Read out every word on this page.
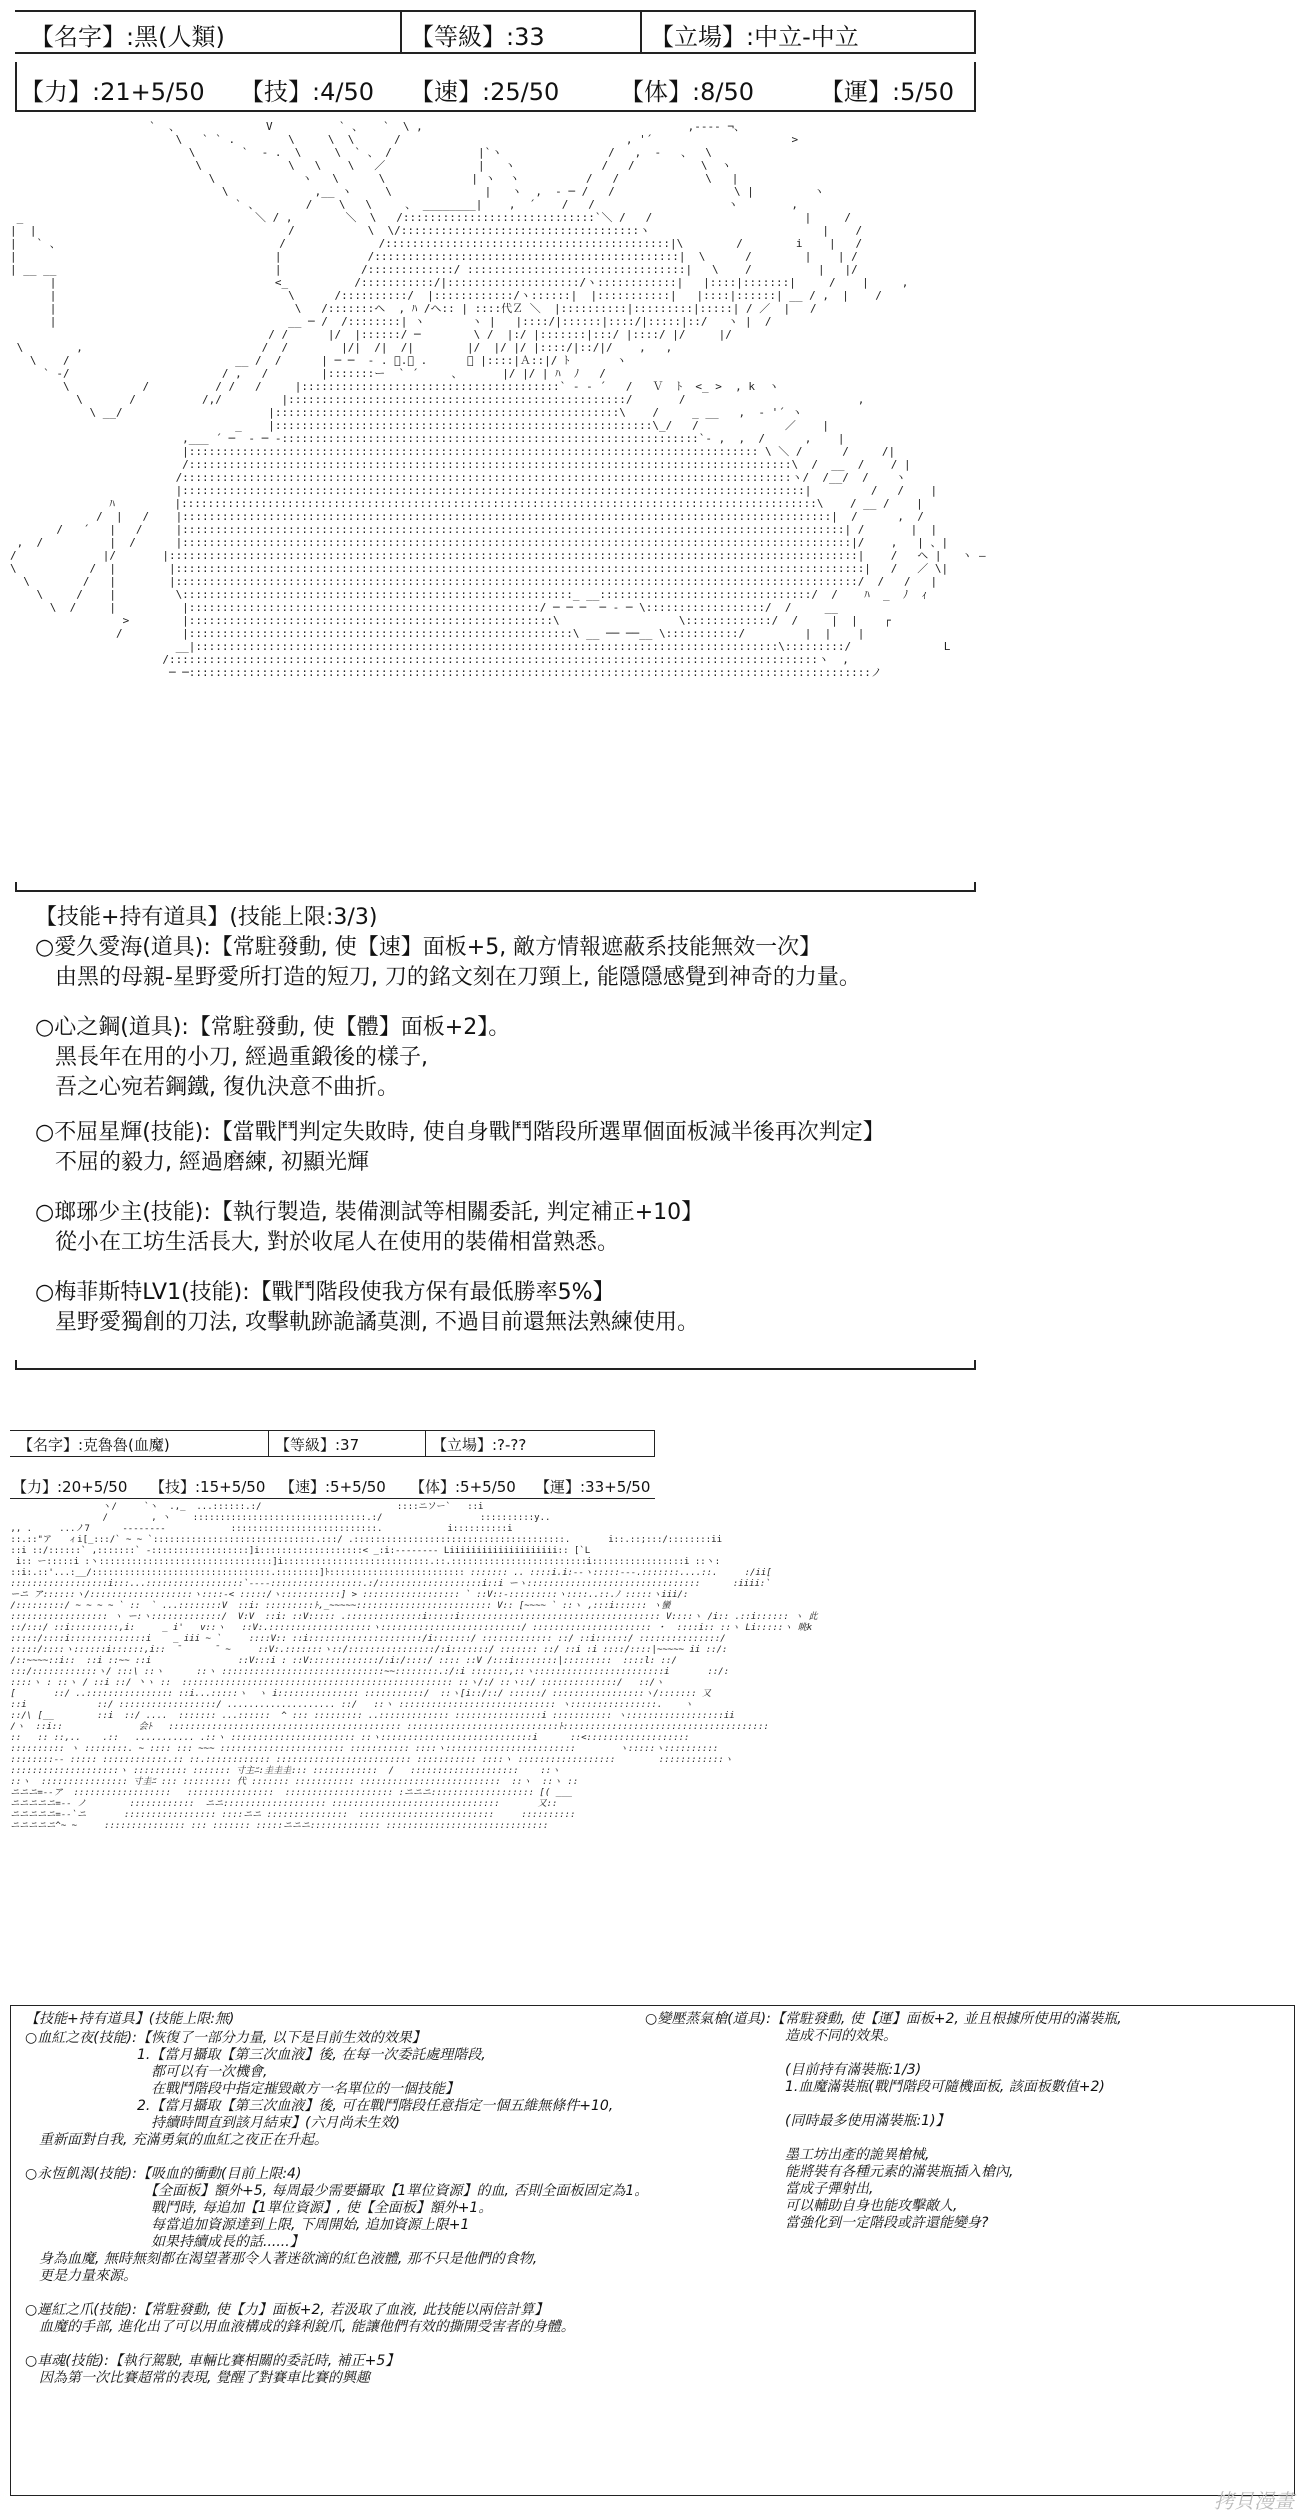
【名字】:黑(人類)	【等級】:33	【立場】:中立-中立
【力】:21+5/50 【技】:4/50 【速】:25/50	【体】:8/50	【運】:5/50
`  、             V          ` 、   `  \ ,                                        ,--‐‐ ¬、
\   ` ` .        \     \  \      /                                  , '´                     >
\       `  - .  \     \  ` 、 /             |`ヽ                /   ,  ‐   、  \
\             \   \    \   ／              |   ヽ             /   /          \  ヽ
\             ヽ   \      \             | ヽ  ヽ          /   /             \   |
\             ,__ ヽ     \              |   ヽ  ,  ‐ ─ /   /                  \ |         ヽ
` 、       /    \   \     、 ________|    ,  ´    /   /                    ヽ        ,
_                                   ＼ / ,        ＼  \   /:::::::::::::::::::::::::::::`＼ /   /                       |     /
|  |                                      /           \  \/::::::::::::::::::::::::::::::::::::ヽ                          |    /
|   ` 、                                 /              /:::::::::::::::::::::::::::::::::::::::::::|\        /        i    |   /
|                                       |             /::::::::::::::::::::::::::::::::::::::::::::::|  \      /        |    | /
| __ __                                 |            /:::::::::::::/ :::::::::::::::::::::::::::::::::|   \    /          |   |/
|                                 <_          /:::::::::::/|::::::::::::::::::::/ヽ::::::::::::|   |::::|:::::::|     /    |     ,
|                                   \      /::::::::::/  |::::::::::::/ヽ::::::|  |:::::::::::|   |::::|::::::| __ / ,  |    /
|                                    \   /:::::::ヘ  , ﾊ /ヘ:: | ::::代Ｚ ＼  |::::::::::|:::::::::|:::::| / ／  |   /
|                                   __ ─ /  /::::::::| ヽ       ヽ |   |::::/|::::::|::::/|:::::|::/   ヽ |  /
/ /      |/  |::::::/ ─        \ /  |:/ |:::::::|:::/ |::::/ |/     |/
\        ,                           /  /        |/|  /|  /|        |/  |/ |/ |::::/|::/|/    ,   ,
\    /                         __ /  /      | ─ ─  ‐ . ﾟ.。 .      ー |::::|Ａ::|/ ﾄ       ヽ
` ‐/                       / ,   /        |:::::::ー  ` ´     、      |/ |/ | ﾊ  ﾉ   /
\           /          / /   /     |:::::::::::::::::::::::::::::::::::::::` ‐ ‐ ´   /   Ｖ  ﾄ  <_ >  , k  ヽ
\       /          /,/         |:::::::::::::::::::::::::::::::::::::::::::::::::::/       /                          ,
\ __/                      |::::::::::::::::::::::::::::::::::::::::::::::::::::\    /     _ __   ,  ‐ '´ ヽ
_    |:::::::::::::::::::::::::::::::::::::::::::::::::::::::::\_/   /             ／    |
,___ ´ ─  ‐ ─ ‐:::::::::::::::::::::::::::::::::::::::::::::::::::::::::::::::`‐ ,  ,  /      ,    |
|:::::::::::::::::::::::::::::::::::::::::::::::::::::::::::::::::::::::::::::::::::::: \ ＼ /      /     /|
/:::::::::::::::::::::::::::::::::::::::::::::::::::::::::::::::::::::::::::::::::::::::::::\  /  __  /    / |
/::::::::::::::::::::::::::::::::::::::::::::::::::::::::::::::::::::::::::::::::::::::::::::ヽ/  /__/  /    ヽ
|::::::::::::::::::::::::::::::::::::::::::::::::::::::::::::::::::::::::::::::::::::::::::::::|         /   /    |
ﾊ         |::::::::::::::::::::::::::::::::::::::::::::::::::::::::::::::::::::::::::::::::::::::::::::::::\    / __ /    |
/  |   /    |::::::::::::::::::::::::::::::::::::::::::::::::::::::::::::::::::::::::::::::::::::::::::::::::::|  /      ,  /
/   ´   |   /     |::::::::::::::::::::::::::::::::::::::::::::::::::::::::::::::::::::::::::::::::::::::::::::::::::::| /       |  |
,  /          |  /      |:::::::::::::::::::::::::::::::::::::::::::::::::::::::::::::::::::::::::::::::::::::::::::::::::::::|/    ,   | 、|
/             |/       |::::::::::::::::::::::::::::::::::::::::::::::::::::::::::::::::::::::::::::::::::::::::::::::::::::::::|    /   ヘ |   ヽ ―
\           /  |        |::::::::::::::::::::::::::::::::::::::::::::::::::::::::::::::::::::::::::::::::::::::::::::::::::::::::|   /   ／ \|
\        /   |        |:::::::::::::::::::::::::::::::::::::::::::::::::::::::::::::::::::::::::::::::::::::::::::::::::::::::/  /   /   |
\     /    |         \:::::::::::::::::::::::::::::::::::::::::::::::::::::::::::_ __::::::::::::::::::::::::::::::::/  /    ﾊ  _  ﾉ  ｨ
\  /     |          |:::::::::::::::::::::::::::::::::::::::::::::::::::::/ ─ ─ ─  ─ ‐ ─ \::::::::::::::::::/  /     __
>        |:::::::::::::::::::::::::::::::::::::::::::::::::::::::\                  \:::::::::::::/  /     |  |    ┌
/         |::::::::::::::::::::::::::::::::::::::::::::::::::::::::::\ __ ── ──__ \:::::::::::/         |  |    |
__|::::::::::::::::::::::::::::::::::::::::::::::::::::::::::::::::::::::::::::::::::::::::\:::::::::/              L
/::::::::::::::::::::::::::::::::::::::::::::::::::::::::::::::::::::::::::::::::::::::::::::::::::ヽ  ,
─ ─:::::::::::::::::::::::::::::::::::::::::::::::::::::::::::::::::::::::::::::::::::::::::::::::::::::::ノ
【技能+持有道具】(技能上限:3/3)
○愛久愛海(道具):【常駐發動, 使【速】面板+5, 敵方情報遮蔽系技能無效一次】
由黑的母親-星野愛所打造的短刀, 刀的銘文刻在刀頸上, 能隱隱感覺到神奇的力量。
○心之鋼(道具):【常駐發動, 使【體】面板+2】。
黑長年在用的小刀, 經過重鍛後的樣子,
吾之心宛若鋼鐵, 復仇決意不曲折。
○不屈星輝(技能):【當戰鬥判定失敗時, 使自身戰鬥階段所選單個面板減半後再次判定】
不屈的毅力, 經過磨練, 初顯光輝
○瑯琊少主(技能):【執行製造, 裝備測試等相關委託, 判定補正+10】
從小在工坊生活長大, 對於收尾人在使用的裝備相當熟悉。
○梅菲斯特LV1(技能):【戰鬥階段使我方保有最低勝率5%】
星野愛獨創的刀法, 攻擊軌跡詭譎莫測, 不過目前還無法熟練使用。
【名字】:克魯魯(血魔)	【等級】:37	【立場】:?-??
【力】:20+5/50 【技】:15+5/50 【速】:5+5/50 【体】:5+5/50 【運】:33+5/50
ヽ/     `ヽ  .,_  ...::::::.:/                         ::::ニソー`   ::i
/        , ヽ    ::::::::::::::::::::::::::::::::.:/                  ::::::::::y..
,, .     ...ノ7      --------            :::::::::::::::::::::::::::.            i::::::::::i
::.::"ア   ィi[_:::/` ~ ~ `::::::::::::::::::::::::::::::.:::/ .:::::::::::::::::::::::::::::::::::::::.       i::.::;:::/::::::::ii
::i ::/::::::` ,:::::::` -::::::::::::::::::]i:::::::::::::::::::< _:i:-------- Liiiiiiiiiiiiiiiiiiii:: [`L
i:: ー:::::i :ヽ::::::::::::::::::::::::::::::::]i:::::::::::::::::::::::::::.::.:::::::::::::::::::::::::i:::::::::::::::::i ::ヽ:
::i:.::'...:__/:::::::::::::::::::::::::::::::::.::::::::]ﾄ::::::::::::::::::::::::: ::::::: .. ::::i.i:--ヽ:::::---.:::::::....::.     :/ii[
::::::::::::::::::i:::...::::::::::::::::::`----:::::::::::::::::.:/:::::::::::::::::::i::i ーヽ::::::::::::::::::::::::::::::::      :iiii:`
ーニ ア::::::ヽ/:::::::::::::::::::ヽ::::-< :::::/ヽ:::::::::::] > :::::::::::::::::: ` ::V::-:::::::::ヽ::::..::.ﾉ :::::ヽiii/:
/:::::::::/ ~ ~ ~ ~ ` ::  ` ...::::::::V  ::i: :::::::::ﾄ,_~~~~~::::::::::::::::::::::::: V:: [~~~~ ` ::ヽ ,:::i:::::: ヽ蠻
:::::::::::::::::: ヽ ー:ヽ:::::::::::::/  V:V  ::i: ::V::::: .::::::::::::::i:::::i::::::::::::::::::::::::::::::::::::: V::::ヽ /i:: .::i:::::: ヽ 此
::/:::/ ::i:::::::::,i:     _ i'   v::ヽ   ::V:.:::::::::::::::::::ヽ::::::::::::::::::::::::::/ :::::::::::::::::::::: ・  ::::i:: ::ヽ Li:::::ヽ 眺k
:::::/::::i::::::::::::::i    _ iii ~ `     ::::V:: ::i:::::::::::::::::::::/i:::::::/ ::::::::::::: ::/ ::i::::::/ :::::::::::::::/
:::::/::::ヽ::::::i::::::,i::  ̄      ̄ ~     ::V:.:::::::ヽ::/::::::::::::::::/:i:::::::/ ::::::: ::/ ::i :i ::::/::::|~~~~~ ii ::/:
/::~~~~::i::  ::i ::~~ ::i                ::V:::i : ::V:::::::::::::/:i:/::::/ :::: ::V /:::i::::::::|:::::::::  ::::l: ::/
:::/::::::::::::ヽ/ :::\ ::ヽ      ::ヽ ::::::::::::::::::::::::::::::~~::::::::.:/:i :::::::,::ヽ::::::::::::::::::::::::i       ::/:
::::ヽ : ::ヽ / ::i ::/ 丶ヽ ::  :::::::::::::::::::::::::::::::::::::::::::::::::: ::ヽ/:/ ::ヽ::/ ::::::::::::::/   ::/ヽ
[       ::/ ..:::::::::::::::: ::i...:::::ヽ  ヽ i::::::::::::::: :::::::::::/  ::ヽ[i::/::/ ::::::/ :::::::::::::::::ヽ/::::::: 又
::i             ::/ ::::::::::::::::::/ .................... ::/   ::ヽ ::::::::::::::::::::::::::::: ヽ::::::::::::::::.    ヽ
::/\ [__        ::i  ::/ ....  ::::::: ...::::::  ^ ::: ::::::::: ..::::::::::::: ::::::::::::::::i ::::::::::: ヽ::::::::::::::::::ii
/ヽ  ::i::              会ﾄ   ::::::::::::::::::::::::::::::::::::::::::: ::::::::::::::::::::::::::::ﾄ::::::::::::::::::::::::::::::::::::::
::   :: ::,..    .::   ........... .::ヽ ::::::::::::::::::::::: ::ヽ::::::::::::::::::::::::::::i      ::<:::::::::::::::::::
:::::::::: ヽ ::::::::. ~ :::: ::: ~~~ ::::::::::::::::::::::: ::::::::::: ::::ヽ::::::::::::::::::::::::        ヽ:::::ヽ::::::::::
::::::::-- ::::: ::::::::::::.:: ::.:::::::::::: ::::::::::::::::::::::::: ::::::::::: ::::ヽ ::::::::::::::::::        ::::::::::::ヽ
::::::::::::::::::::ヽ :::::::::: ::::::: 寸主ﾆ:圭圭圭::: ::::::::::::  /   ::::::::::::::::::::    ::ヽ
::ヽ  :::::::::::::::: 寸圭ﾆ ::: ::::::::: 代 ::::::: ::::::::::: ::::::::::::::::::::::::::  ::ヽ  ::ヽ ::
ニニニ=--ア  ::::::::::::::::::   ::::::::::::::::  :::::::::::::::::::: :ニニニ::::::::::::::::::: [( ___
ニニニニニ=-- ノ        ::::::::::::  ニニ::::::::::::::::::: :::::::::::::::::::::::::::::::       又::
ニニニニニ=--`ニ       ::::::::::::::::: ::::ニニ :::::::::::::::  :::::::::::::::::::::::::     ::::::::::
ニニニニニ^~ ~     ::::::::::::::: ::: ::::::: :::::ニニニ::::::::::::: ::::::::::::::::::::::::::::::
【技能+持有道具】(技能上限:無)
○血紅之夜(技能):【恢復了一部分力量, 以下是目前生效的效果】
　　　　　　　　1.【當月攝取【第三次血液】後, 在每一次委託處理階段,
　　　　　　　　　都可以有一次機會,
　　　　　　　　　在戰鬥階段中指定摧毀敵方一名單位的一個技能】
　　　　　　　　2.【當月攝取【第三次血液】後, 可在戰鬥階段任意指定一個五維無條件+10,
　　　　　　　　　持續時間直到該月結束】(六月尚未生效)
　重新面對自我, 充滿勇氣的血紅之夜正在升起。
○永恆飢渴(技能):【吸血的衝動(目前上限:4)
　　　　　　　　　【全面板】額外+5, 每周最少需要攝取【1單位資源】的血, 否則全面板固定為1。
　　　　　　　　　戰鬥時, 每追加【1單位資源】, 使【全面板】額外+1。
　　　　　　　　　每當追加資源達到上限, 下周開始, 追加資源上限+1
　　　　　　　　　如果持續成長的話......】
　身為血魔, 無時無刻都在渴望著那令人著迷欲滴的紅色液體, 那不只是他們的食物,
　更是力量來源。
○遲紅之爪(技能):【常駐發動, 使【力】面板+2, 若汲取了血液, 此技能以兩倍計算】
　血魔的手部, 進化出了可以用血液構成的鋒利銳爪, 能讓他們有效的撕開受害者的身體。
○車魂(技能):【執行駕駛, 車輛比賽相關的委託時, 補正+5】
　因為第一次比賽超常的表現, 覺醒了對賽車比賽的興趣
○變壓蒸氣槍(道具):【常駐發動, 使【運】面板+2, 並且根據所使用的滿裝瓶,
　　　　　　　　　　造成不同的效果。
　　　　　　　　　　(目前持有滿裝瓶:1/3)
　　　　　　　　　　1.血魔滿裝瓶(戰鬥階段可隨機面板, 該面板數值+2)
　　　　　　　　　　(同時最多使用滿裝瓶:1)】
　　　　　　　　　　墨工坊出產的詭異槍械,
　　　　　　　　　　能將裝有各種元素的滿裝瓶插入槍內,
　　　　　　　　　　當成子彈射出,
　　　　　　　　　　可以輔助自身也能攻擊敵人,
　　　　　　　　　　當強化到一定階段或許還能變身?
拷貝漫畫
